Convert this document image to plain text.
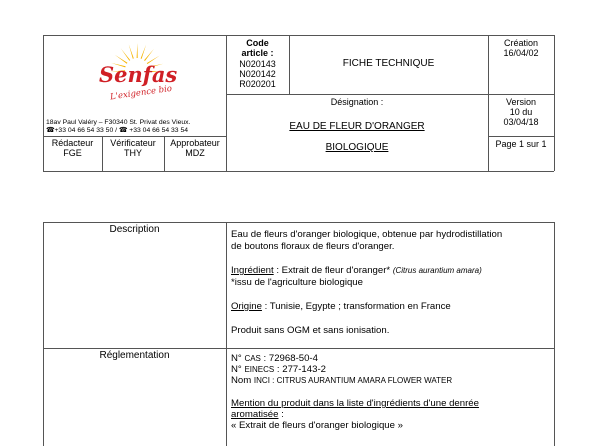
Senfas
L'exigence bio
18av Paul Valéry – F30340 St. Privat des Vieux.
☎+33 04 66 54 33 50 / ☎ +33 04 66 54 33 54
Rédacteur
FGE
Vérificateur
THY
Approbateur
MDZ
Code article :
N020143
N020142
R020201
FICHE TECHNIQUE
Création
16/04/02
Désignation :
EAU DE FLEUR D'ORANGER
BIOLOGIQUE
Version
10 du
03/04/18
Page 1 sur 1
Description	Eau de fleurs d'oranger biologique, obtenue par hydrodistillation
de boutons floraux de fleurs d'oranger.
Ingrédient : Extrait de fleur d'oranger* (Citrus aurantium amara)
*issu de l'agriculture biologique
Origine : Tunisie, Egypte ; transformation en France
Produit sans OGM et sans ionisation.
Réglementation	N° CAS : 72968-50-4
N° EINECS : 277-143-2
Nom INCI : CITRUS AURANTIUM AMARA FLOWER WATER
Mention du produit dans la liste d'ingrédients d'une denrée
aromatisée :
« Extrait de fleurs d'oranger biologique »
